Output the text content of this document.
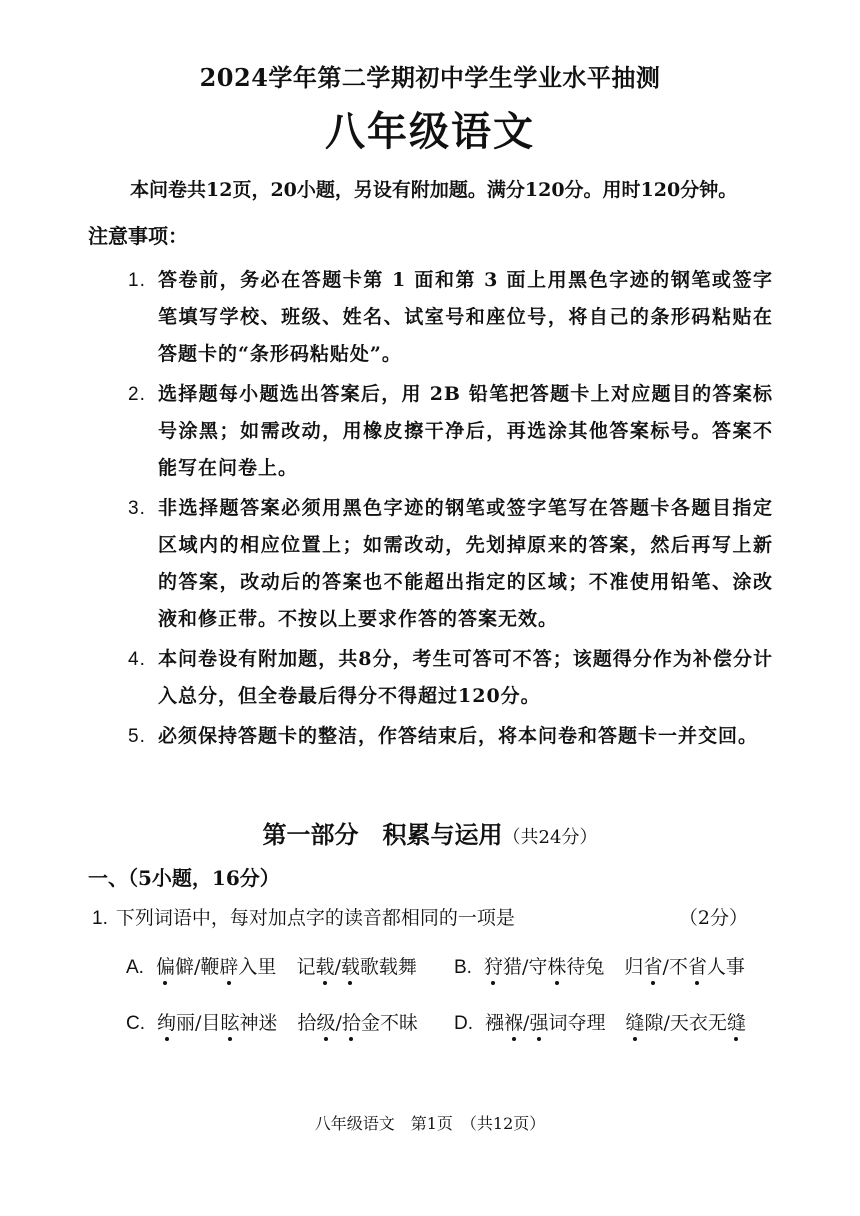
2024学年第二学期初中学生学业水平抽测
八年级语文
本问卷共12页，20小题，另设有附加题。满分120分。用时120分钟。
注意事项：
1. 答卷前，务必在答题卡第 1 面和第 3 面上用黑色字迹的钢笔或签字笔填写学校、班级、姓名、试室号和座位号，将自己的条形码粘贴在答题卡的“条形码粘贴处”。
2. 选择题每小题选出答案后，用 2B 铅笔把答题卡上对应题目的答案标号涂黑；如需改动，用橡皮擦干净后，再选涂其他答案标号。答案不能写在问卷上。
3. 非选择题答案必须用黑色字迹的钢笔或签字笔写在答题卡各题目指定区域内的相应位置上；如需改动，先划掉原来的答案，然后再写上新的答案，改动后的答案也不能超出指定的区域；不准使用铅笔、涂改液和修正带。不按以上要求作答的答案无效。
4. 本问卷设有附加题，共8分，考生可答可不答；该题得分作为补偿分计入总分，但全卷最后得分不得超过120分。
5. 必须保持答题卡的整洁，作答结束后，将本问卷和答题卡一并交回。
第一部分　积累与运用（共24分）
一、（5小题，16分）
1. 下列词语中，每对加点字的读音都相同的一项是	（2分）
A. 偏僻/鞭辟入里 记载/载歌载舞 B. 狩猎/守株待兔 归省/不省人事
C. 绚丽/目眩神迷 拾级/拾金不昧 D. 襁褓/强词夺理 缝隙/天衣无缝
八年级语文　第1页　（共12页）
